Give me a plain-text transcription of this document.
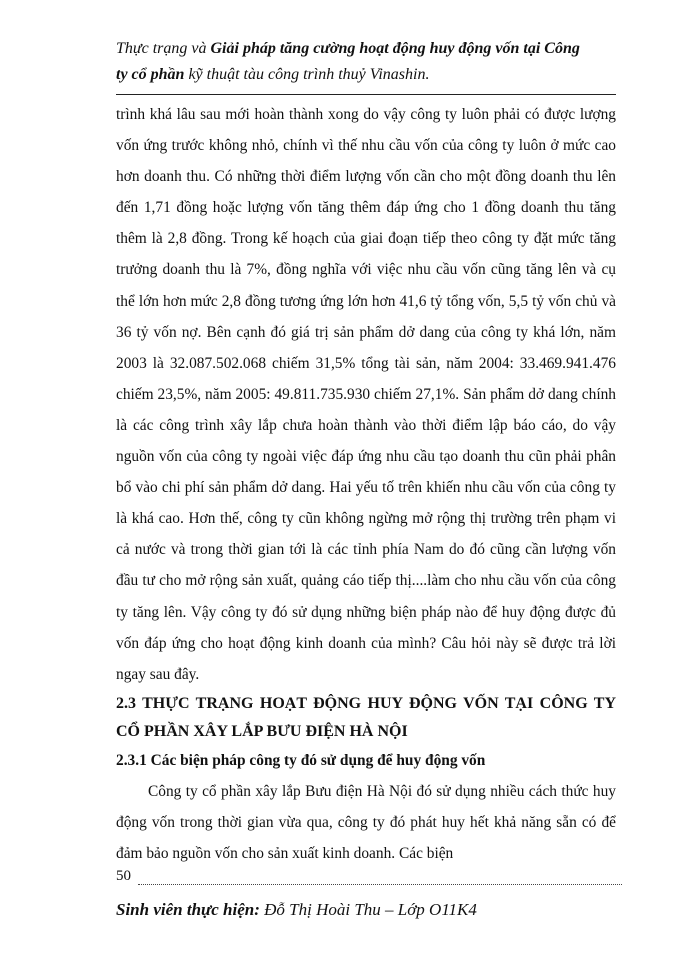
Thực trạng và Giải pháp tăng cường hoạt động huy động vốn tại Công
ty cổ phần kỹ thuật tàu công trình thuỷ Vinashin.

trình khá lâu sau mới hoàn thành xong do vậy công ty luôn phải có được lượng vốn ứng trước không nhỏ, chính vì thế nhu cầu vốn của công ty luôn ở mức cao hơn doanh thu. Có những thời điểm lượng vốn cần cho một đồng doanh thu lên đến 1,71 đồng hoặc lượng vốn tăng thêm đáp ứng cho 1 đồng doanh thu tăng thêm là 2,8 đồng. Trong kế hoạch của giai đoạn tiếp theo công ty đặt mức tăng trưởng doanh thu là 7%, đồng nghĩa với việc nhu cầu vốn cũng tăng lên và cụ thể lớn hơn mức 2,8 đồng tương ứng lớn hơn 41,6 tỷ tổng vốn, 5,5 tỷ vốn chủ và 36 tỷ vốn nợ. Bên cạnh đó giá trị sản phẩm dở dang của công ty khá lớn, năm 2003 là 32.087.502.068 chiếm 31,5% tổng tài sản, năm 2004: 33.469.941.476 chiếm 23,5%, năm 2005: 49.811.735.930 chiếm 27,1%. Sản phẩm dở dang chính là các công trình xây lắp chưa hoàn thành vào thời điểm lập báo cáo, do vậy nguồn vốn của công ty ngoài việc đáp ứng nhu cầu tạo doanh thu cũn phải phân bổ vào chi phí sản phẩm dở dang. Hai yếu tố trên khiến nhu cầu vốn của công ty là khá cao. Hơn thế, công ty cũn không ngừng mở rộng thị trường trên phạm vi cả nước và trong thời gian tới là các tỉnh phía Nam do đó cũng cần lượng vốn đầu tư cho mở rộng sản xuất, quảng cáo tiếp thị....làm cho nhu cầu vốn của công ty tăng lên. Vậy công ty đó sử dụng những biện pháp nào để huy động được đủ vốn đáp ứng cho hoạt động kinh doanh của mình? Câu hỏi này sẽ được trả lời ngay sau đây.

2.3 THỰC TRẠNG HOẠT ĐỘNG HUY ĐỘNG VỐN TẠI CÔNG TY CỔ PHẦN XÂY LẮP BƯU ĐIỆN HÀ NỘI

2.3.1 Các biện pháp công ty đó sử dụng để huy động vốn

Công ty cổ phần xây lắp Bưu điện Hà Nội đó sử dụng nhiều cách thức huy động vốn trong thời gian vừa qua, công ty đó phát huy hết khả năng sẵn có để đảm bảo nguồn vốn cho sản xuất kinh doanh. Các biện

50
Sinh viên thực hiện: Đỗ Thị Hoài Thu – Lớp O11K4
